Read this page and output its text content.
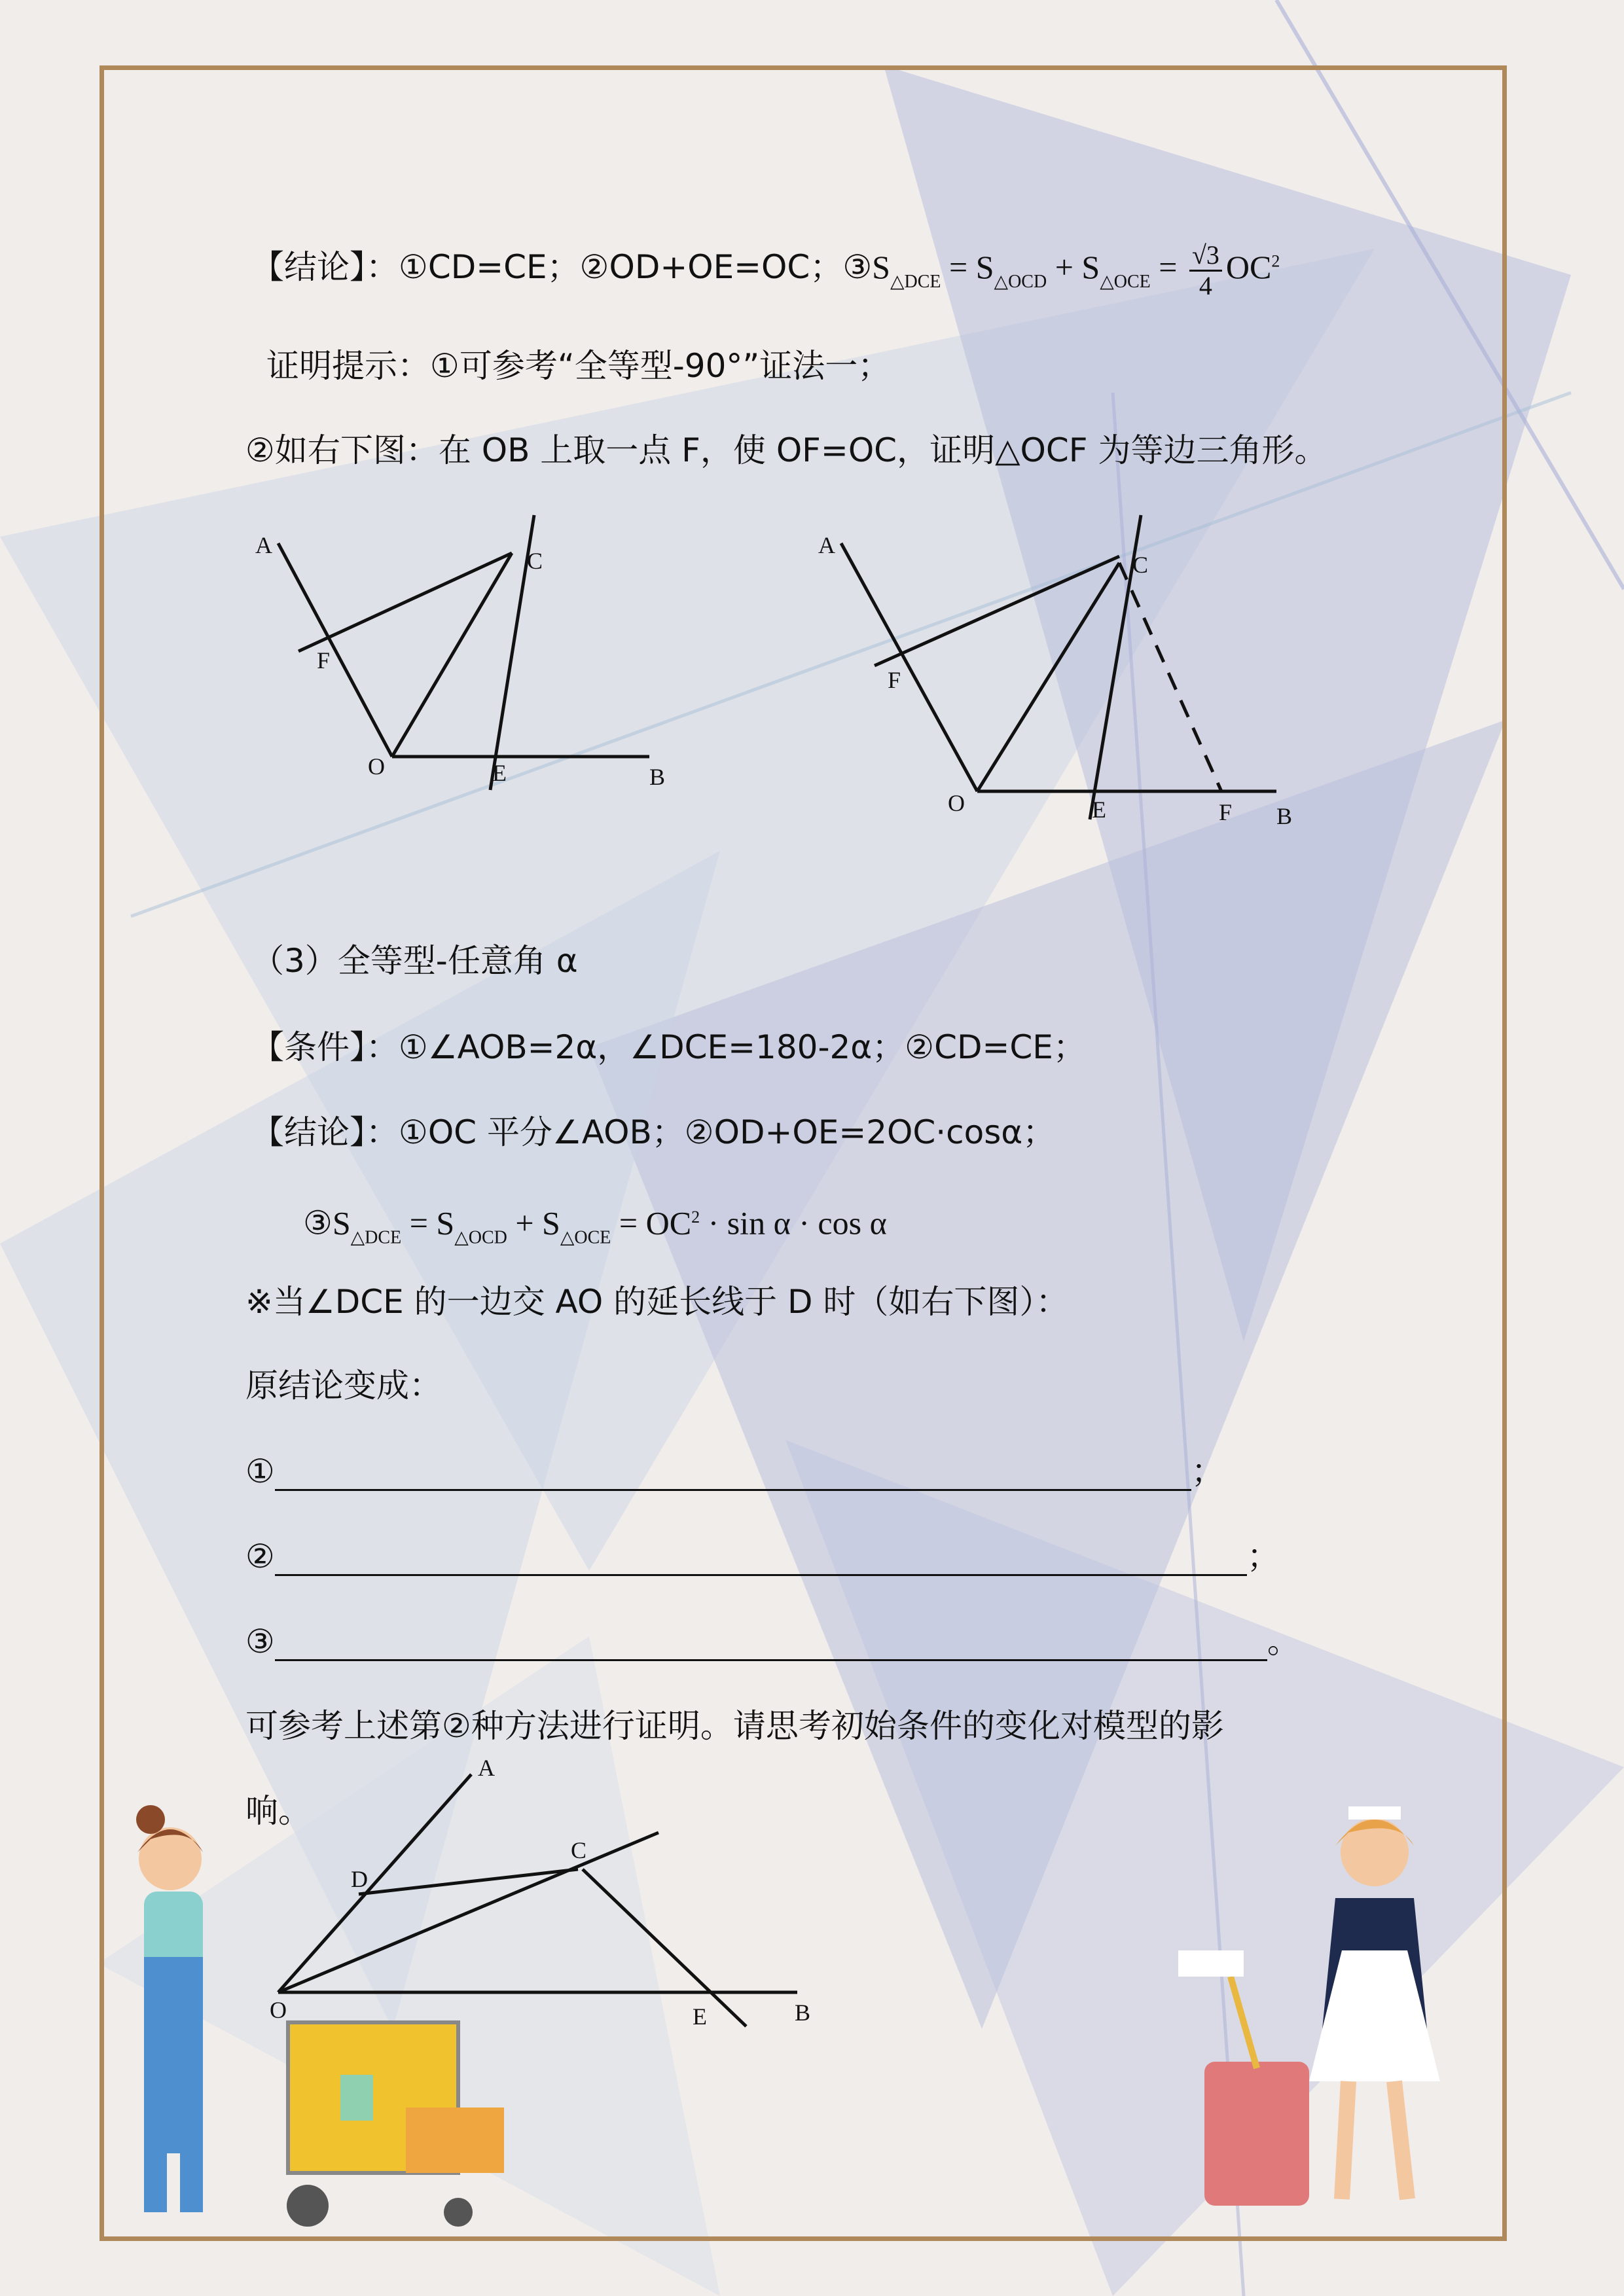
【结论】：①CD=CE；②OD+OE=OC；$③S_{\triangle DCE} = S_{\triangle OCD} + S_{\triangle OCE} = \frac{√3}{4} OC^2$
证明提示：①可参考“全等型-90°”证法一；
②如右下图：在 OB 上取一点 F，使 OF=OC，证明△OCF 为等边三角形。
A
C
F
O	E	B
A
C
F
O	E	F B
（3）全等型-任意角 α
【条件】：①∠AOB=2α，∠DCE=180-2α；②CD=CE；
【结论】：①OC 平分∠AOB；②OD+OE=2OC·cosα；
$③S_{\triangle DCE} = S_{\triangle OCD} + S_{\triangle OCE} = OC^2 \cdot \sin \alpha \cdot \cos \alpha$
※当∠DCE 的一边交 AO 的延长线于 D 时（如右下图）：
原结论变成：
①	；
②	；
③	。
可参考上述第②种方法进行证明。请思考初始条件的变化对模型的影
响。
A
D
C
O	E	B
